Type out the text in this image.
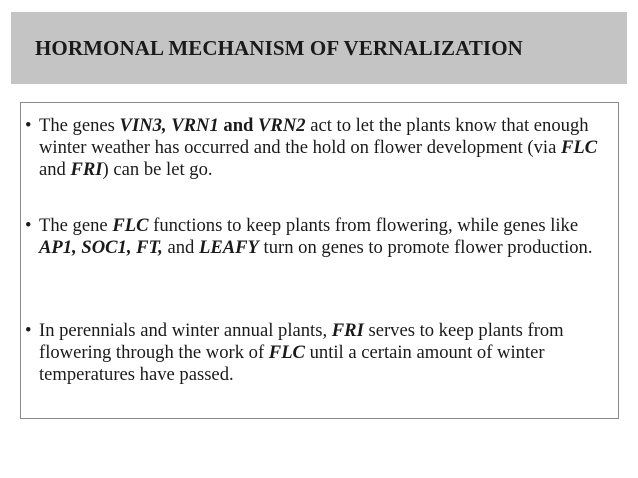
HORMONAL MECHANISM OF VERNALIZATION
• The genes VIN3, VRN1 and VRN2 act to let the plants know that enough winter weather has occurred and the hold on flower development (via FLC and FRI) can be let go.
• The gene FLC functions to keep plants from flowering, while genes like AP1, SOC1, FT, and LEAFY turn on genes to promote flower production.
• In perennials and winter annual plants, FRI serves to keep plants from flowering through the work of FLC until a certain amount of winter temperatures have passed.
